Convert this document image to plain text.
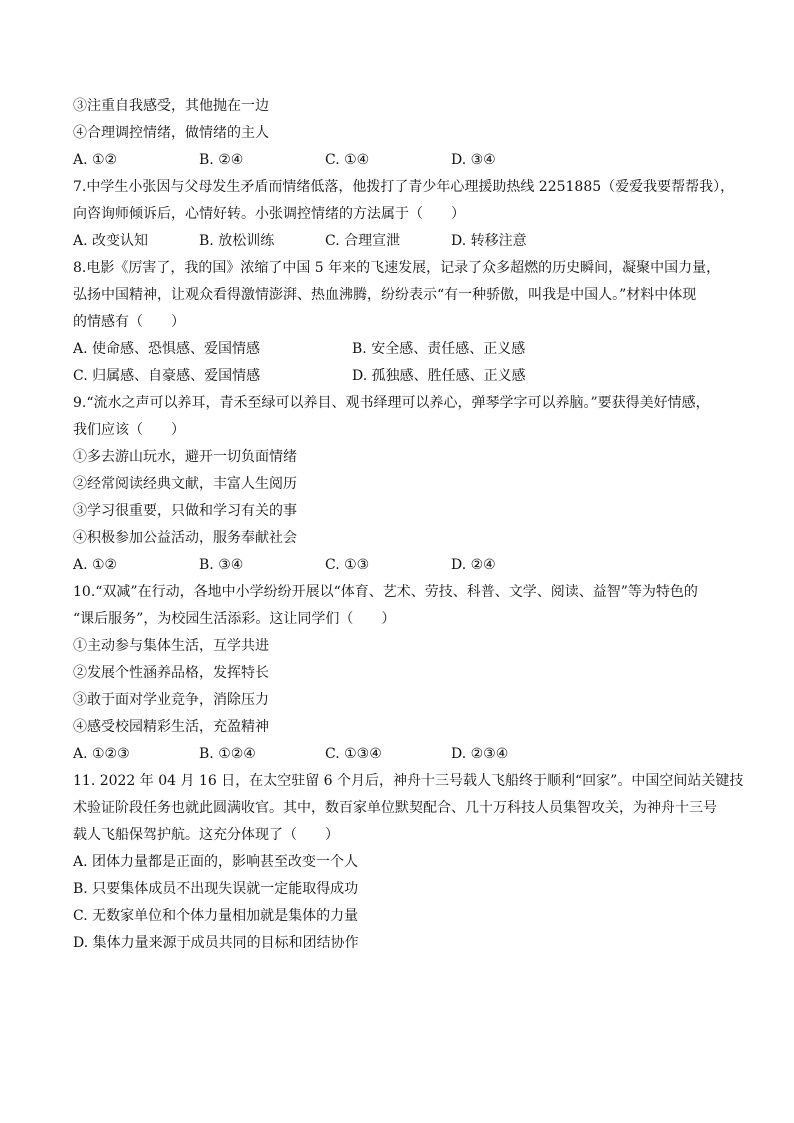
③注重自我感受，其他抛在一边
④合理调控情绪，做情绪的主人
A. ①②	B. ②④	C. ①④	D. ③④
7.中学生小张因与父母发生矛盾而情绪低落，他拨打了青少年心理援助热线 2251885（爱爱我要帮帮我），
向咨询师倾诉后，心情好转。小张调控情绪的方法属于（　　）
A. 改变认知	B. 放松训练	C. 合理宣泄	D. 转移注意
8.电影《厉害了，我的国》浓缩了中国 5 年来的飞速发展，记录了众多超燃的历史瞬间，凝聚中国力量，
弘扬中国精神，让观众看得激情澎湃、热血沸腾，纷纷表示“有一种骄傲，叫我是中国人。”材料中体现
的情感有（　　）
A. 使命感、恐惧感、爱国情感	B. 安全感、责任感、正义感
C. 归属感、自豪感、爱国情感	D. 孤独感、胜任感、正义感
9.“流水之声可以养耳，青禾至绿可以养目、观书绎理可以养心，弹琴学字可以养脑。”要获得美好情感，
我们应该（　　）
①多去游山玩水，避开一切负面情绪
②经常阅读经典文献，丰富人生阅历
③学习很重要，只做和学习有关的事
④积极参加公益活动，服务奉献社会
A. ①②	B. ③④	C. ①③	D. ②④
10.“双减”在行动，各地中小学纷纷开展以“体育、艺术、劳技、科普、文学、阅读、益智”等为特色的
“课后服务”，为校园生活添彩。这让同学们（　　）
①主动参与集体生活，互学共进
②发展个性涵养品格，发挥特长
③敢于面对学业竞争，消除压力
④感受校园精彩生活，充盈精神
A. ①②③	B. ①②④	C. ①③④	D. ②③④
11. 2022 年 04 月 16 日，在太空驻留 6 个月后，神舟十三号载人飞船终于顺利“回家”。中国空间站关键技
术验证阶段任务也就此圆满收官。其中，数百家单位默契配合、几十万科技人员集智攻关，为神舟十三号
载人飞船保驾护航。这充分体现了（　　）
A. 团体力量都是正面的，影响甚至改变一个人
B. 只要集体成员不出现失误就一定能取得成功
C. 无数家单位和个体力量相加就是集体的力量
D. 集体力量来源于成员共同的目标和团结协作
